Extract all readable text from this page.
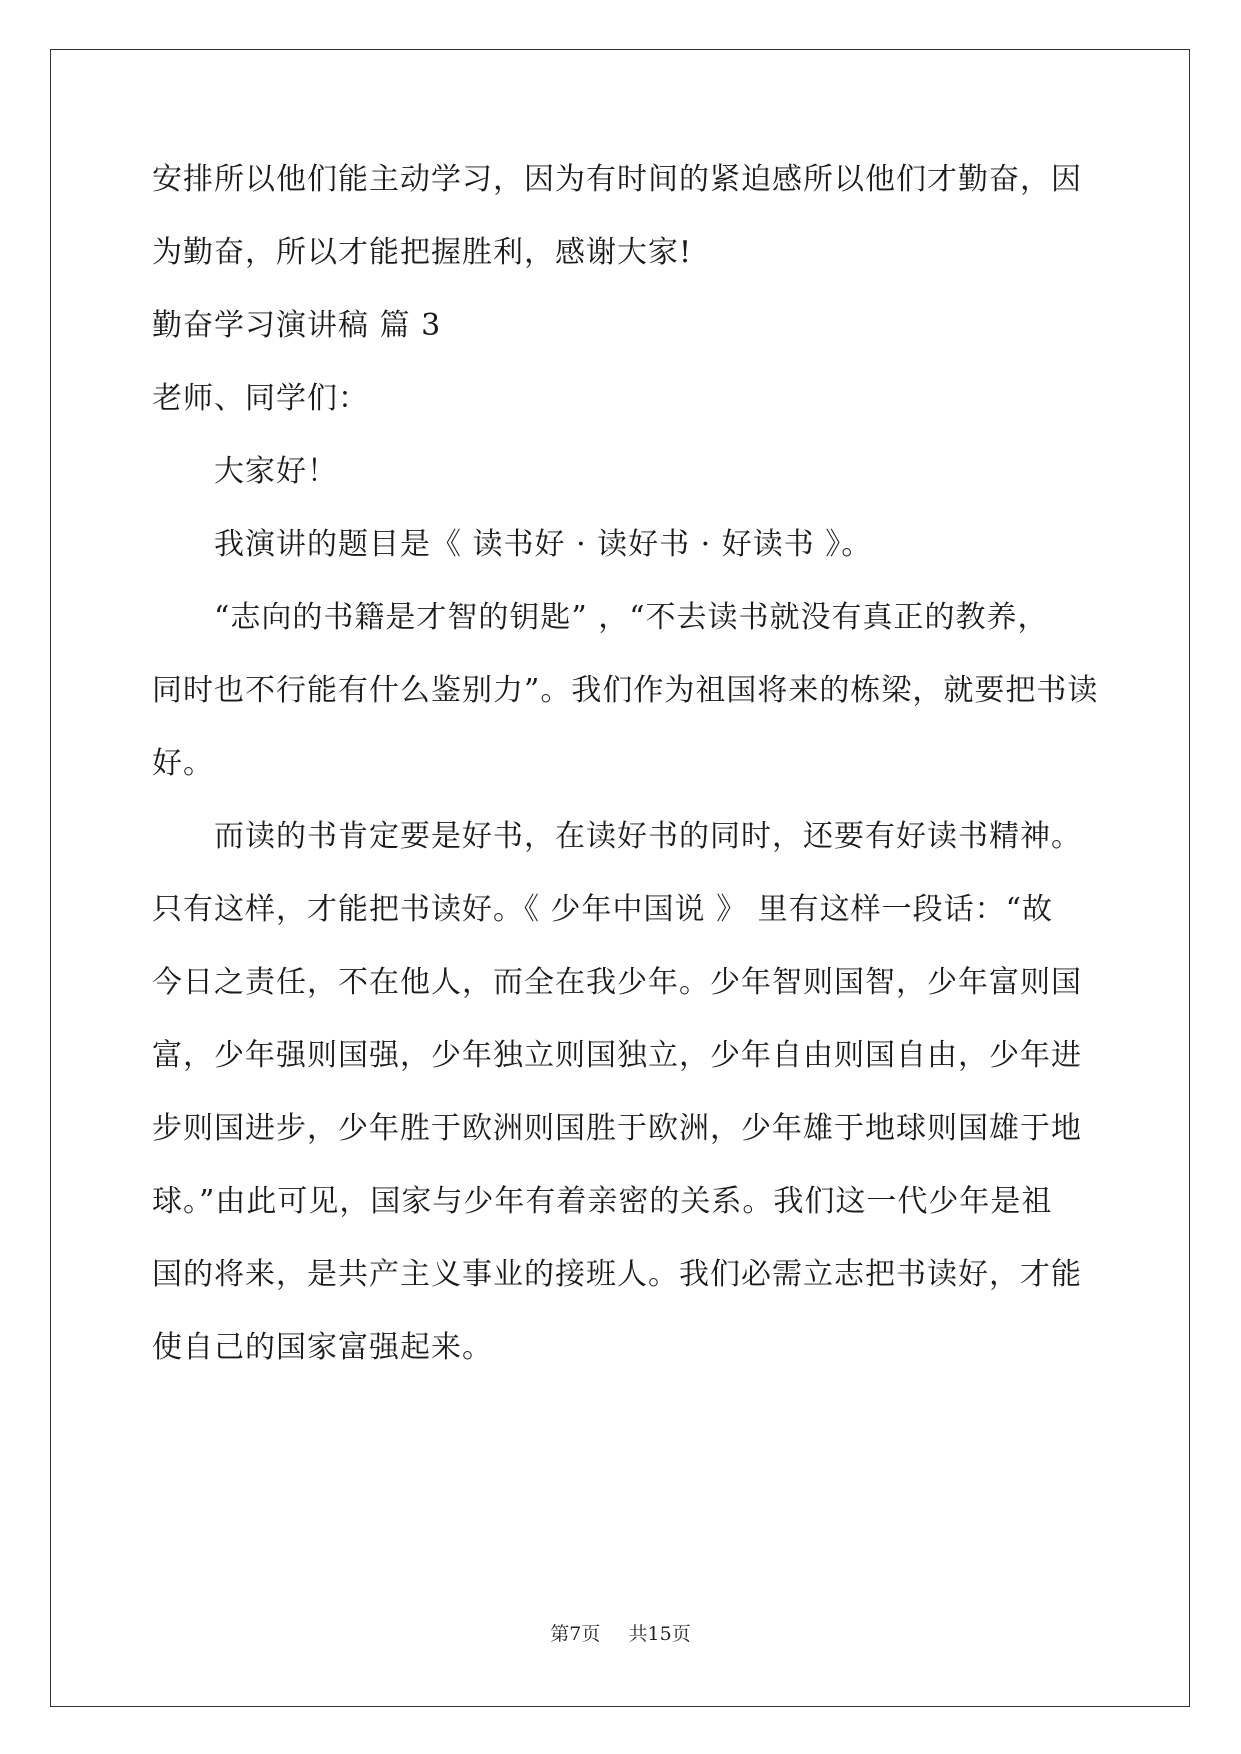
安排所以他们能主动学习，因为有时间的紧迫感所以他们才勤奋，因
为勤奋，所以才能把握胜利，感谢大家!
勤奋学习演讲稿 篇 3
老师、同学们：
大家好！
我演讲的题目是《 读书好 · 读好书 · 好读书 》。
“志向的书籍是才智的钥匙” ，“不去读书就没有真正的教养，
同时也不行能有什么鉴别力”。我们作为祖国将来的栋梁，就要把书读
好。
而读的书肯定要是好书，在读好书的同时，还要有好读书精神。
只有这样，才能把书读好。《 少年中国说 》 里有这样一段话：“故
今日之责任，不在他人，而全在我少年。少年智则国智，少年富则国
富，少年强则国强，少年独立则国独立，少年自由则国自由，少年进
步则国进步，少年胜于欧洲则国胜于欧洲，少年雄于地球则国雄于地
球。”由此可见，国家与少年有着亲密的关系。我们这一代少年是祖
国的将来，是共产主义事业的接班人。我们必需立志把书读好，才能
使自己的国家富强起来。
第7页 共15页
